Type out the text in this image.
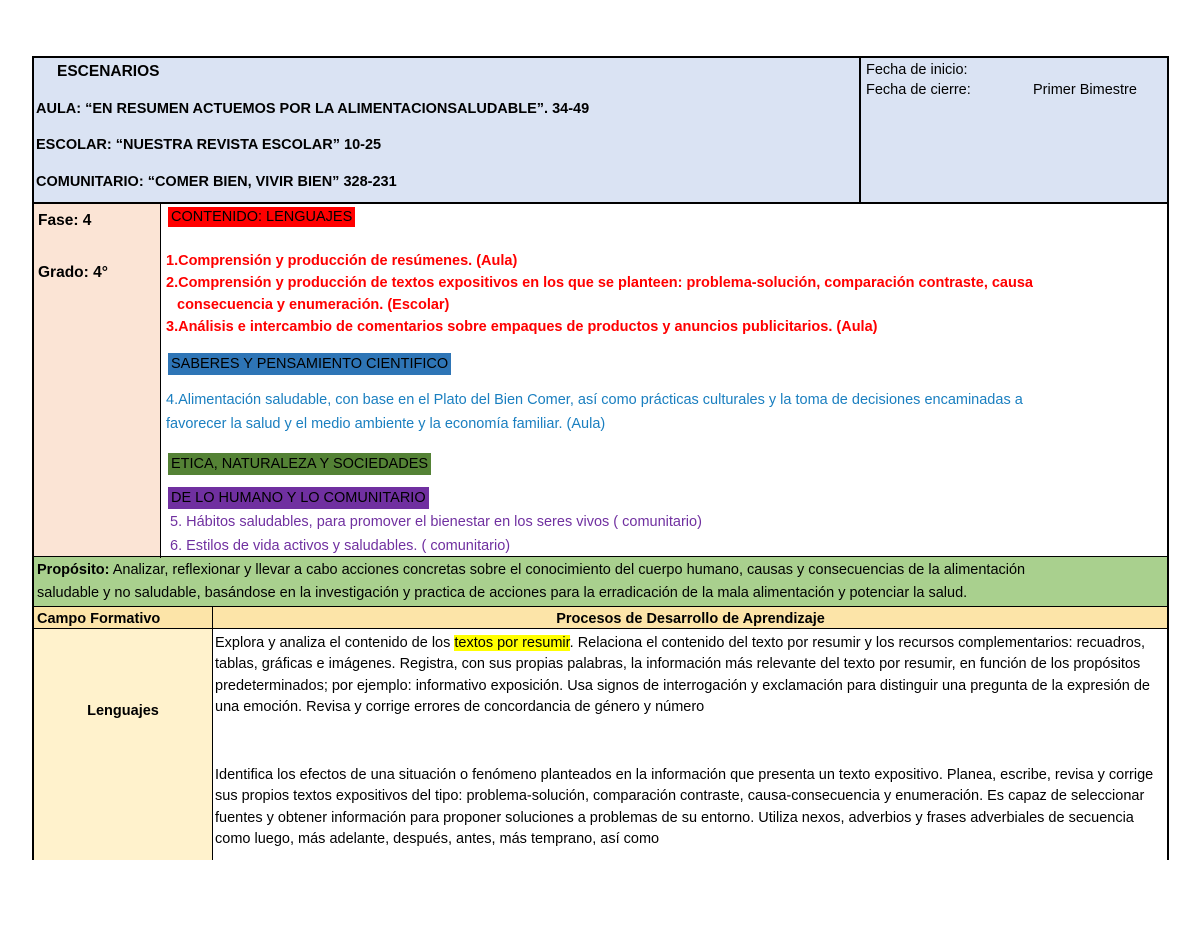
ESCENARIOS
AULA: “EN RESUMEN ACTUEMOS POR LA ALIMENTACIONSALUDABLE”. 34-49
ESCOLAR: “NUESTRA REVISTA ESCOLAR” 10-25
COMUNITARIO: “COMER BIEN, VIVIR BIEN” 328-231
Fecha de inicio:
Fecha de cierre:	Primer Bimestre
Fase: 4
Grado: 4°
CONTENIDO: LENGUAJES
1.Comprensión y producción de resúmenes. (Aula)
2.Comprensión y producción de textos expositivos en los que se planteen: problema-solución, comparación contraste, causa
consecuencia y enumeración. (Escolar)
3.Análisis e intercambio de comentarios sobre empaques de productos y anuncios publicitarios. (Aula)
SABERES Y PENSAMIENTO CIENTIFICO
4.Alimentación saludable, con base en el Plato del Bien Comer, así como prácticas culturales y la toma de decisiones encaminadas a
favorecer la salud y el medio ambiente y la economía familiar. (Aula)
ETICA, NATURALEZA Y SOCIEDADES
DE LO HUMANO Y LO COMUNITARIO
5. Hábitos saludables, para promover el bienestar en los seres vivos ( comunitario)
6. Estilos de vida activos y saludables. ( comunitario)
Propósito: Analizar, reflexionar y llevar a cabo acciones concretas sobre el conocimiento del cuerpo humano, causas y consecuencias de la alimentación
saludable y no saludable, basándose en la investigación y practica de acciones para la erradicación de la mala alimentación y potenciar la salud.
Campo Formativo	Procesos de Desarrollo de Aprendizaje
Lenguajes
Explora y analiza el contenido de los textos por resumir. Relaciona el contenido del texto por resumir y los recursos complementarios: recuadros, tablas, gráficas e imágenes. Registra, con sus propias palabras, la información más relevante del texto por resumir, en función de los propósitos predeterminados; por ejemplo: informativo exposición. Usa signos de interrogación y exclamación para distinguir una pregunta de la expresión de una emoción. Revisa y corrige errores de concordancia de género y número
Identifica los efectos de una situación o fenómeno planteados en la información que presenta un texto expositivo. Planea, escribe, revisa y corrige sus propios textos expositivos del tipo: problema-solución, comparación contraste, causa-consecuencia y enumeración. Es capaz de seleccionar fuentes y obtener información para proponer soluciones a problemas de su entorno. Utiliza nexos, adverbios y frases adverbiales de secuencia como luego, más adelante, después, antes, más temprano, así como
